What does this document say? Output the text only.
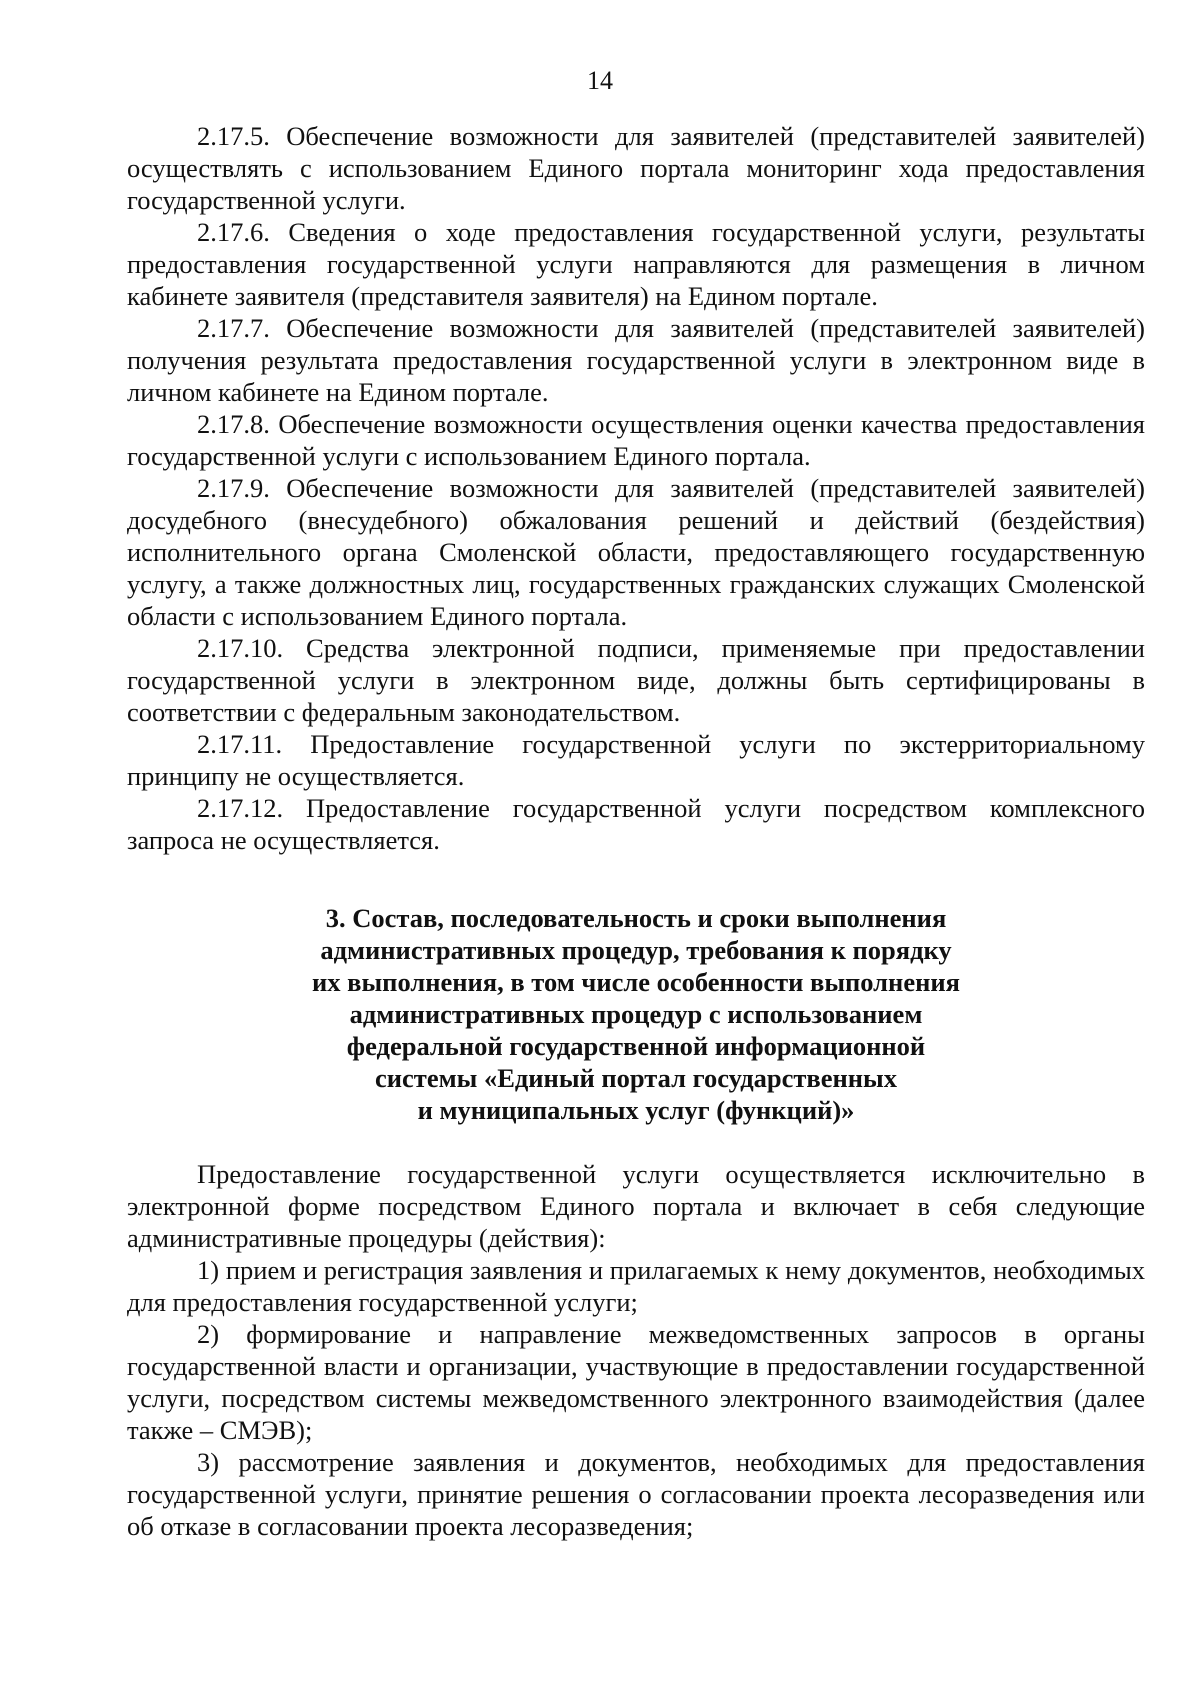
14

2.17.5. Обеспечение возможности для заявителей (представителей заявителей) осуществлять с использованием Единого портала мониторинг хода предоставления государственной услуги.

2.17.6. Сведения о ходе предоставления государственной услуги, результаты предоставления государственной услуги направляются для размещения в личном кабинете заявителя (представителя заявителя) на Едином портале.

2.17.7. Обеспечение возможности для заявителей (представителей заявителей) получения результата предоставления государственной услуги в электронном виде в личном кабинете на Едином портале.

2.17.8. Обеспечение возможности осуществления оценки качества предоставления государственной услуги с использованием Единого портала.

2.17.9. Обеспечение возможности для заявителей (представителей заявителей) досудебного (внесудебного) обжалования решений и действий (бездействия) исполнительного органа Смоленской области, предоставляющего государственную услугу, а также должностных лиц, государственных гражданских служащих Смоленской области с использованием Единого портала.

2.17.10. Средства электронной подписи, применяемые при предоставлении государственной услуги в электронном виде, должны быть сертифицированы в соответствии с федеральным законодательством.

2.17.11. Предоставление государственной услуги по экстерриториальному принципу не осуществляется.

2.17.12. Предоставление государственной услуги посредством комплексного запроса не осуществляется.

3. Состав, последовательность и сроки выполнения
административных процедур, требования к порядку
их выполнения, в том числе особенности выполнения
административных процедур с использованием
федеральной государственной информационной
системы «Единый портал государственных
и муниципальных услуг (функций)»

Предоставление государственной услуги осуществляется исключительно в электронной форме посредством Единого портала и включает в себя следующие административные процедуры (действия):

1) прием и регистрация заявления и прилагаемых к нему документов, необходимых для предоставления государственной услуги;

2) формирование и направление межведомственных запросов в органы государственной власти и организации, участвующие в предоставлении государственной услуги, посредством системы межведомственного электронного взаимодействия (далее также – СМЭВ);

3) рассмотрение заявления и документов, необходимых для предоставления государственной услуги, принятие решения о согласовании проекта лесоразведения или об отказе в согласовании проекта лесоразведения;
